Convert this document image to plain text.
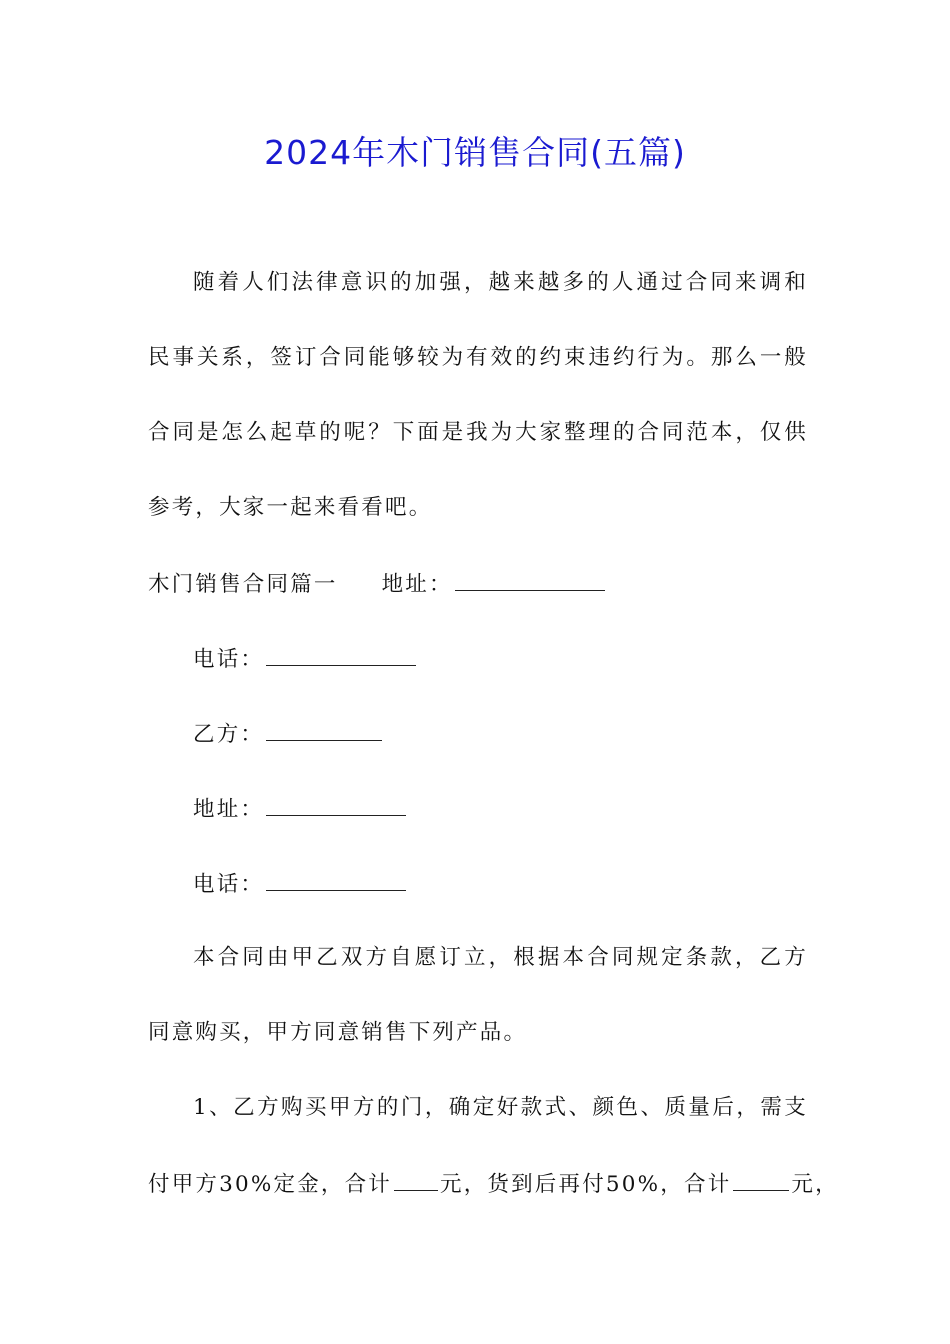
2024年木门销售合同(五篇)
随着人们法律意识的加强，越来越多的人通过合同来调和
民事关系，签订合同能够较为有效的约束违约行为。那么一般
合同是怎么起草的呢？下面是我为大家整理的合同范本，仅供
参考，大家一起来看看吧。
木门销售合同篇一 地址：
电话：
乙方：
地址：
电话：
本合同由甲乙双方自愿订立，根据本合同规定条款，乙方
同意购买，甲方同意销售下列产品。
1、乙方购买甲方的门，确定好款式、颜色、质量后，需支
付甲方30%定金，合计 元，货到后再付50%，合计	元，
